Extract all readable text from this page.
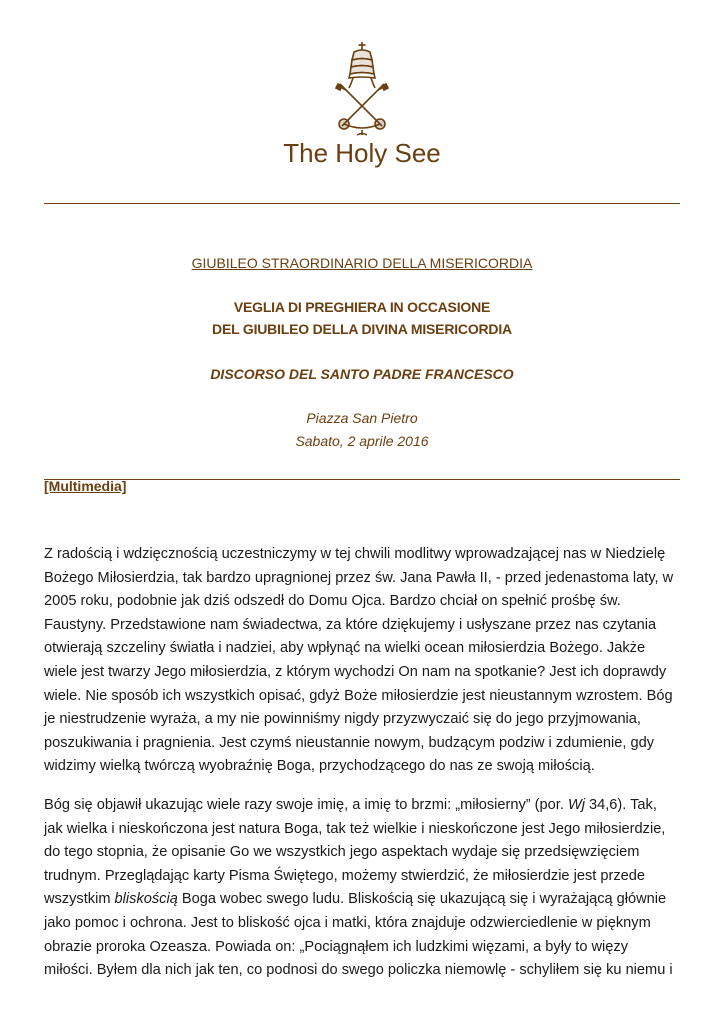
The Holy See
GIUBILEO STRAORDINARIO DELLA MISERICORDIA
VEGLIA DI PREGHIERA IN OCCASIONE
DEL GIUBILEO DELLA DIVINA MISERICORDIA
DISCORSO DEL SANTO PADRE FRANCESCO
Piazza San Pietro
Sabato, 2 aprile 2016
[Multimedia]
Z radością i wdzięcznością uczestniczymy w tej chwili modlitwy wprowadzającej nas w Niedzielę
Bożego Miłosierdzia, tak bardzo upragnionej przez św. Jana Pawła II, - przed jedenastoma laty, w
2005 roku, podobnie jak dziś odszedł do Domu Ojca. Bardzo chciał on spełnić prośbę św.
Faustyny. Przedstawione nam świadectwa, za które dziękujemy i usłyszane przez nas czytania
otwierają szczeliny światła i nadziei, aby wpłynąć na wielki ocean miłosierdzia Bożego. Jakże
wiele jest twarzy Jego miłosierdzia, z którym wychodzi On nam na spotkanie? Jest ich doprawdy
wiele. Nie sposób ich wszystkich opisać, gdyż Boże miłosierdzie jest nieustannym wzrostem. Bóg
je niestrudzenie wyraża, a my nie powinniśmy nigdy przyzwyczaić się do jego przyjmowania,
poszukiwania i pragnienia. Jest czymś nieustannie nowym, budzącym podziw i zdumienie, gdy
widzimy wielką twórczą wyobraźnię Boga, przychodzącego do nas ze swoją miłością.
Bóg się objawił ukazując wiele razy swoje imię, a imię to brzmi: „miłosierny” (por. Wj 34,6). Tak,
jak wielka i nieskończona jest natura Boga, tak też wielkie i nieskończone jest Jego miłosierdzie,
do tego stopnia, że opisanie Go we wszystkich jego aspektach wydaje się przedsięwzięciem
trudnym. Przeglądając karty Pisma Świętego, możemy stwierdzić, że miłosierdzie jest przede
wszystkim bliskością Boga wobec swego ludu. Bliskością się ukazującą się i wyrażającą głównie
jako pomoc i ochrona. Jest to bliskość ojca i matki, która znajduje odzwierciedlenie w pięknym
obrazie proroka Ozeasza. Powiada on: „Pociągnąłem ich ludzkimi więzami, a były to więzy
miłości. Byłem dla nich jak ten, co podnosi do swego policzka niemowlę - schyliłem się ku niemu i
